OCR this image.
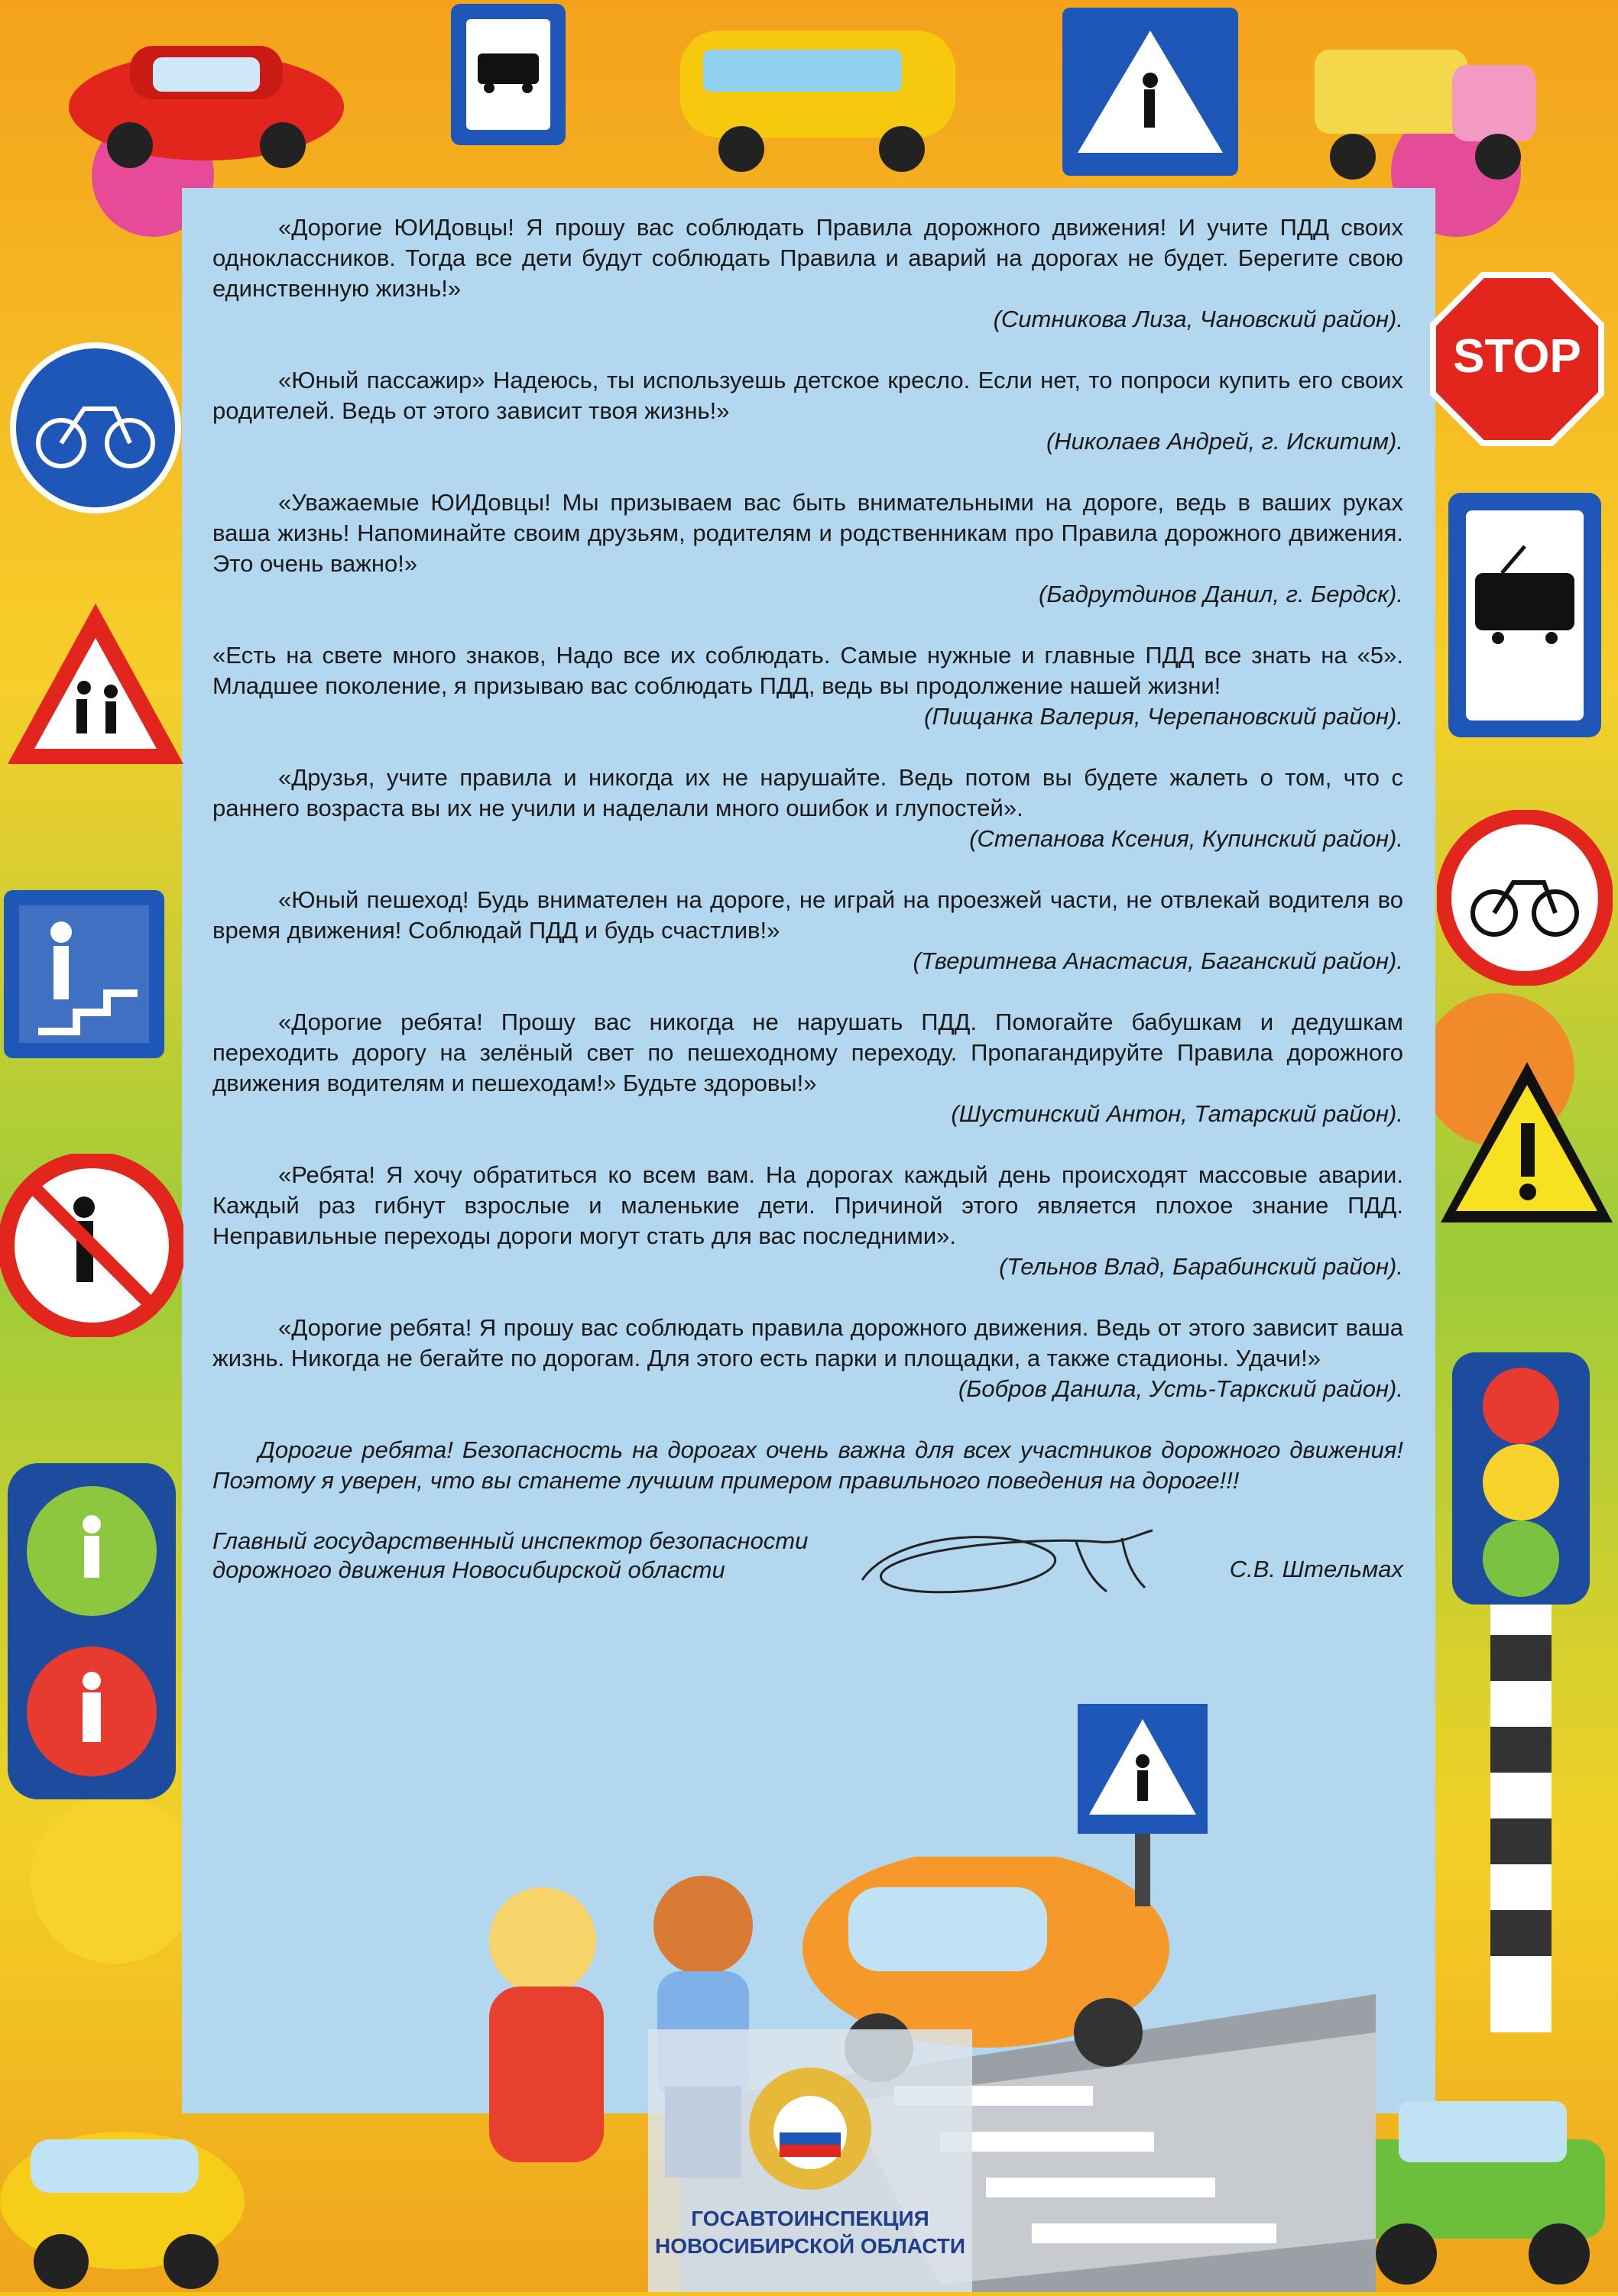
STOP

«Дорогие ЮИДовцы! Я прошу вас соблюдать Правила дорожного движения! И учите ПДД своих одноклассников. Тогда все дети будут соблюдать Правила и аварий на дорогах не будет. Берегите свою единственную жизнь!»

(Ситникова Лиза, Чановский район).

«Юный пассажир» Надеюсь, ты используешь детское кресло. Если нет, то попроси купить его своих родителей. Ведь от этого зависит твоя жизнь!»

(Николаев Андрей, г. Искитим).

«Уважаемые ЮИДовцы! Мы призываем вас быть внимательными на дороге, ведь в ваших руках ваша жизнь! Напоминайте своим друзьям, родителям и родственникам про Правила дорожного движения. Это очень важно!»

(Бадрутдинов Данил, г. Бердск).

«Есть на свете много знаков, Надо все их соблюдать. Самые нужные и главные ПДД все знать на «5». Младшее поколение, я призываю вас соблюдать ПДД, ведь вы продолжение нашей жизни!

(Пищанка Валерия, Черепановский район).

«Друзья, учите правила и никогда их не нарушайте. Ведь потом вы будете жалеть о том, что с раннего возраста вы их не учили и наделали много ошибок и глупостей».

(Степанова Ксения, Купинский район).

«Юный пешеход! Будь внимателен на дороге, не играй на проезжей части, не отвлекай водителя во время движения! Соблюдай ПДД и будь счастлив!»

(Тверитнева Анастасия, Баганский район).

«Дорогие ребята! Прошу вас никогда не нарушать ПДД. Помогайте бабушкам и дедушкам переходить дорогу на зелёный свет по пешеходному переходу. Пропагандируйте Правила дорожного движения водителям и пешеходам!» Будьте здоровы!»

(Шустинский Антон, Татарский район).

«Ребята! Я хочу обратиться ко всем вам. На дорогах каждый день происходят массовые аварии. Каждый раз гибнут взрослые и маленькие дети. Причиной этого является плохое знание ПДД. Неправильные переходы дороги могут стать для вас последними».

(Тельнов Влад, Барабинский район).

«Дорогие ребята! Я прошу вас соблюдать правила дорожного движения. Ведь от этого зависит ваша жизнь. Никогда не бегайте по дорогам. Для этого есть парки и площадки, а также стадионы. Удачи!»

(Бобров Данила, Усть-Таркский район).

Дорогие ребята! Безопасность на дорогах очень важна для всех участников дорожного движения! Поэтому я уверен, что вы станете лучшим примером правильного поведения на дороге!!!

Главный государственный инспектор безопасности
дорожного движения Новосибирской области	С.В. Штельмах
ГОСАВТОИНСПЕКЦИЯ
НОВОСИБИРСКОЙ ОБЛАСТИ
